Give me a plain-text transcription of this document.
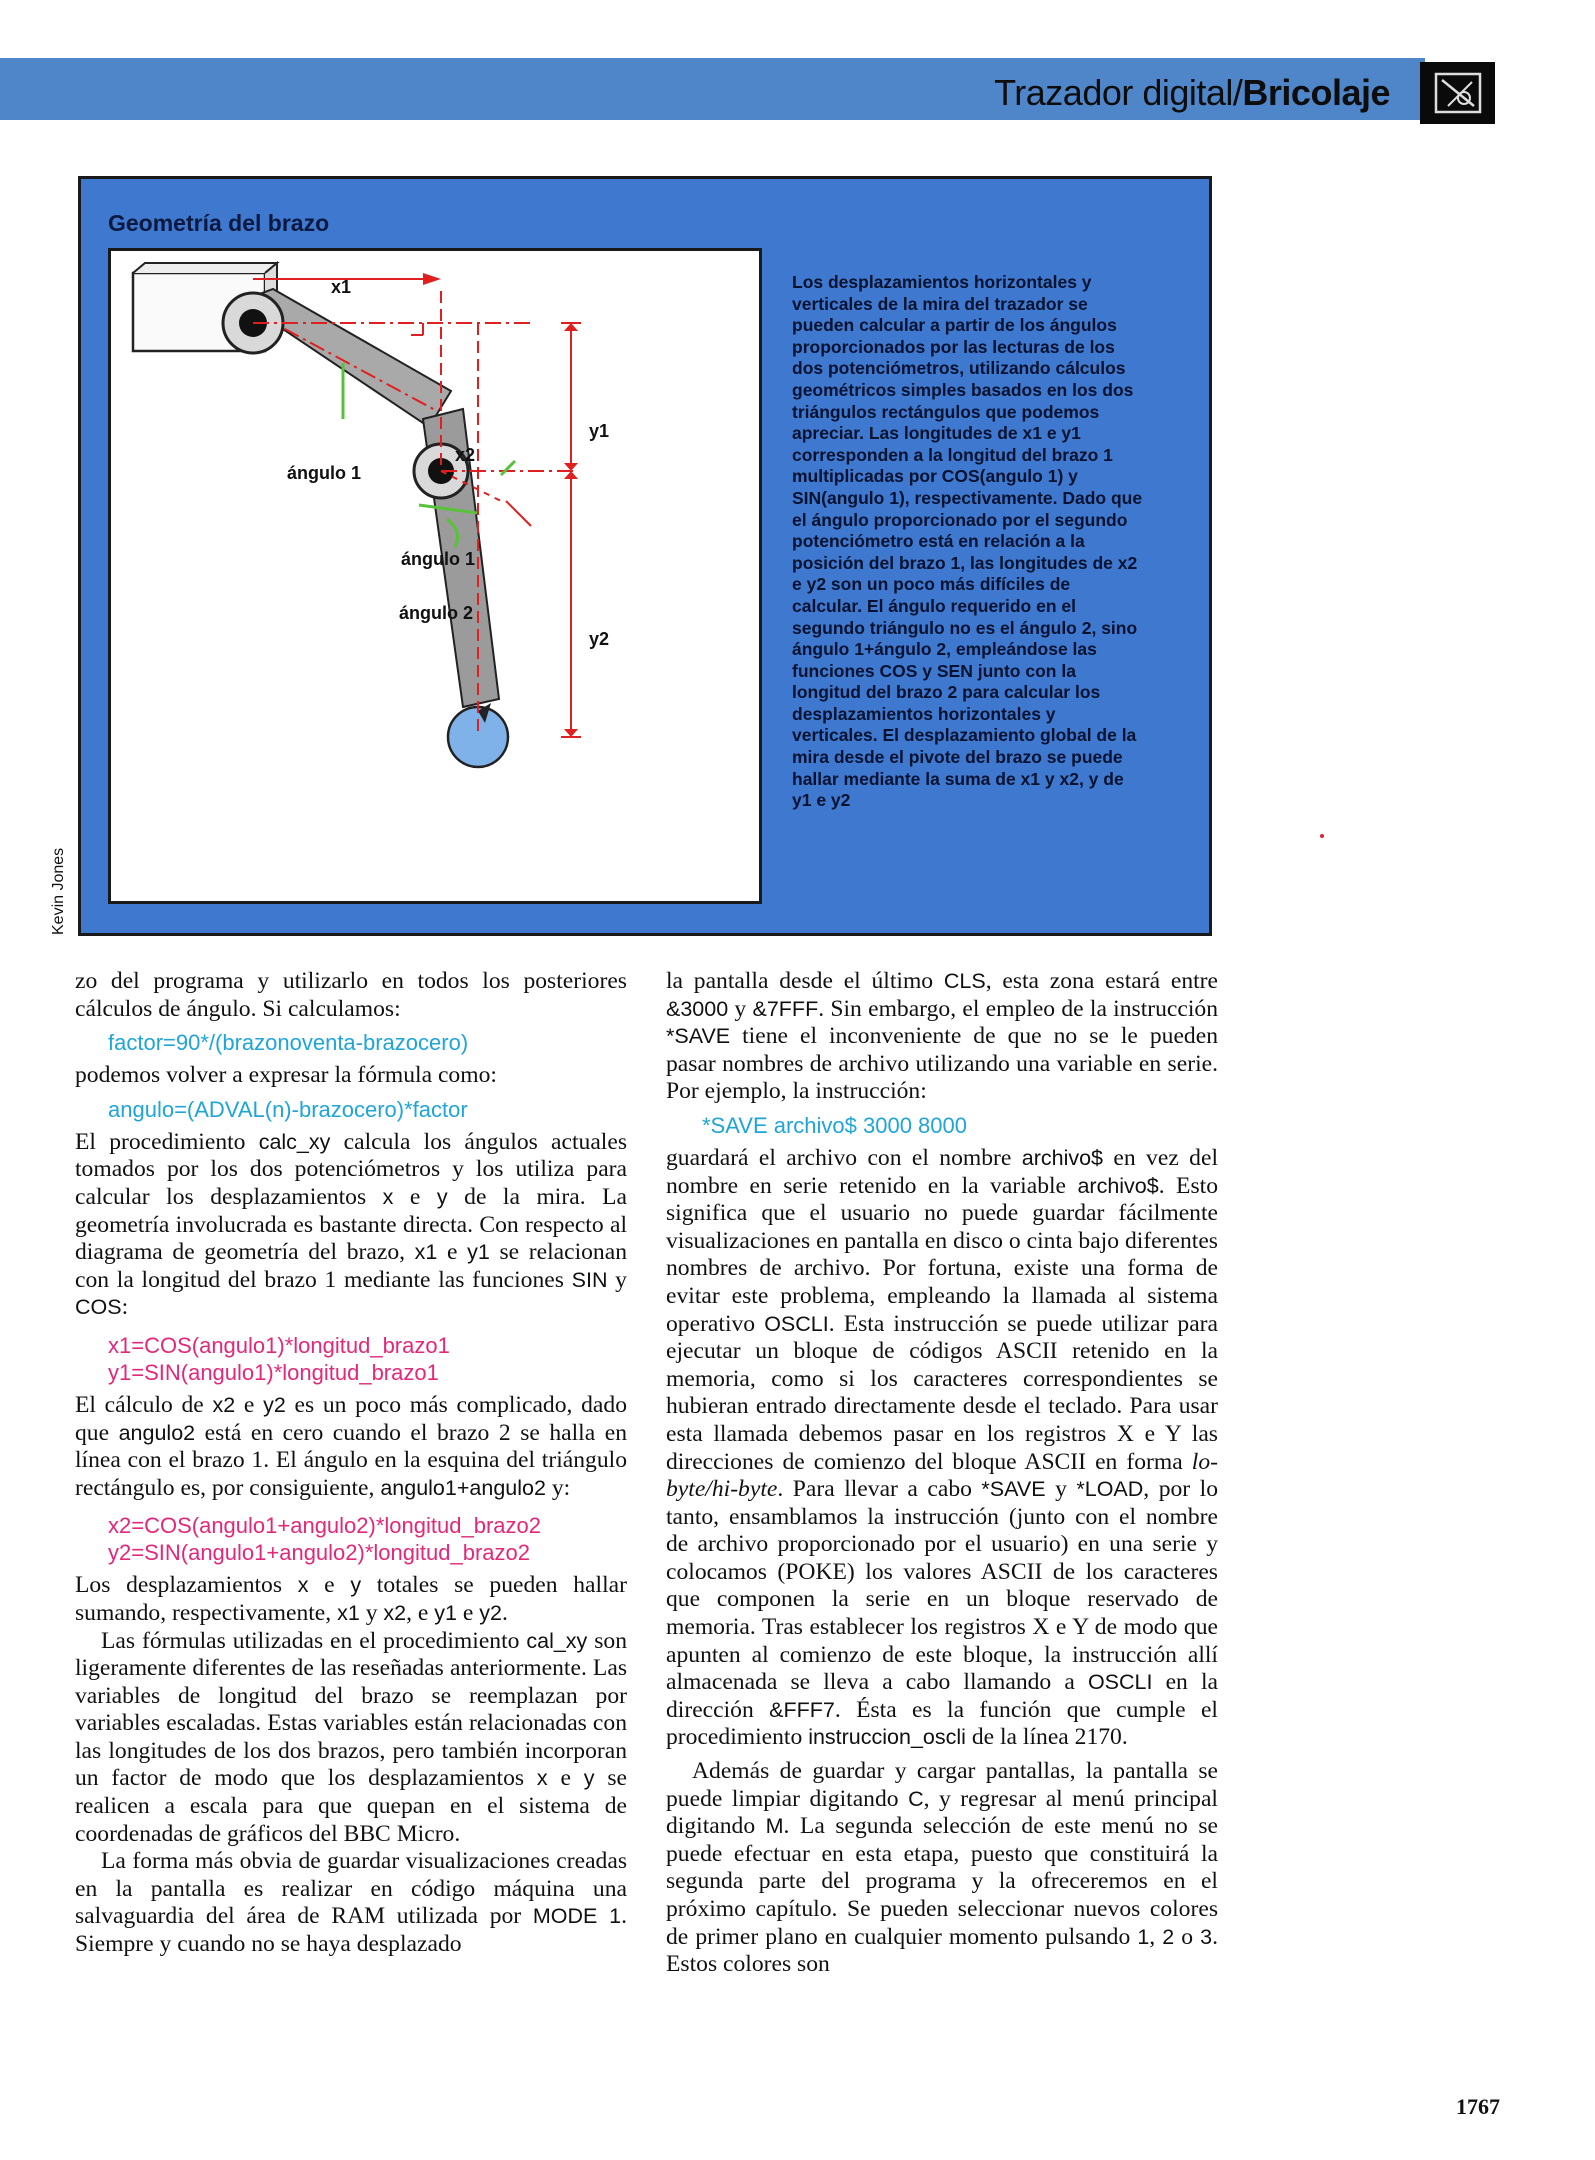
Trazador digital/Bricolaje
Geometría del brazo
x1
y1
y2
x2
ángulo 1
ángulo 1
ángulo 2
Los desplazamientos horizontales y verticales de la mira del trazador se pueden calcular a partir de los ángulos proporcionados por las lecturas de los dos potenciómetros, utilizando cálculos geométricos simples basados en los dos triángulos rectángulos que podemos apreciar. Las longitudes de x1 e y1 corresponden a la longitud del brazo 1 multiplicadas por COS(angulo 1) y SIN(angulo 1), respectivamente. Dado que el ángulo proporcionado por el segundo potenciómetro está en relación a la posición del brazo 1, las longitudes de x2 e y2 son un poco más difíciles de calcular. El ángulo requerido en el segundo triángulo no es el ángulo 2, sino ángulo 1+ángulo 2, empleándose las funciones COS y SEN junto con la longitud del brazo 2 para calcular los desplazamientos horizontales y verticales. El desplazamiento global de la mira desde el pivote del brazo se puede hallar mediante la suma de x1 y x2, y de y1 e y2
Kevin Jones

zo del programa y utilizarlo en todos los posteriores cálculos de ángulo. Si calculamos:

factor=90*/(brazonoventa-brazocero)

podemos volver a expresar la fórmula como:

angulo=(ADVAL(n)-brazocero)*factor

El procedimiento calc_xy calcula los ángulos actuales tomados por los dos potenciómetros y los utiliza para calcular los desplazamientos x e y de la mira. La geometría involucrada es bastante directa. Con respecto al diagrama de geometría del brazo, x1 e y1 se relacionan con la longitud del brazo 1 mediante las funciones SIN y COS:

x1=COS(angulo1)*longitud_brazo1
y1=SIN(angulo1)*longitud_brazo1

El cálculo de x2 e y2 es un poco más complicado, dado que angulo2 está en cero cuando el brazo 2 se halla en línea con el brazo 1. El ángulo en la esquina del triángulo rectángulo es, por consiguiente, angulo1+angulo2 y:

x2=COS(angulo1+angulo2)*longitud_brazo2
y2=SIN(angulo1+angulo2)*longitud_brazo2

Los desplazamientos x e y totales se pueden hallar sumando, respectivamente, x1 y x2, e y1 e y2.

Las fórmulas utilizadas en el procedimiento cal_xy son ligeramente diferentes de las reseñadas anteriormente. Las variables de longitud del brazo se reemplazan por variables escaladas. Estas variables están relacionadas con las longitudes de los dos brazos, pero también incorporan un factor de modo que los desplazamientos x e y se realicen a escala para que quepan en el sistema de coordenadas de gráficos del BBC Micro.

La forma más obvia de guardar visualizaciones creadas en la pantalla es realizar en código máquina una salvaguardia del área de RAM utilizada por MODE 1. Siempre y cuando no se haya desplazado

la pantalla desde el último CLS, esta zona estará entre &3000 y &7FFF. Sin embargo, el empleo de la instrucción *SAVE tiene el inconveniente de que no se le pueden pasar nombres de archivo utilizando una variable en serie. Por ejemplo, la instrucción:

*SAVE archivo$ 3000 8000

guardará el archivo con el nombre archivo$ en vez del nombre en serie retenido en la variable archivo$. Esto significa que el usuario no puede guardar fácilmente visualizaciones en pantalla en disco o cinta bajo diferentes nombres de archivo. Por fortuna, existe una forma de evitar este problema, empleando la llamada al sistema operativo OSCLI. Esta instrucción se puede utilizar para ejecutar un bloque de códigos ASCII retenido en la memoria, como si los caracteres correspondientes se hubieran entrado directamente desde el teclado. Para usar esta llamada debemos pasar en los registros X e Y las direcciones de comienzo del bloque ASCII en forma lo-byte/hi-byte. Para llevar a cabo *SAVE y *LOAD, por lo tanto, ensamblamos la instrucción (junto con el nombre de archivo proporcionado por el usuario) en una serie y colocamos (POKE) los valores ASCII de los caracteres que componen la serie en un bloque reservado de memoria. Tras establecer los registros X e Y de modo que apunten al comienzo de este bloque, la instrucción allí almacenada se lleva a cabo llamando a OSCLI en la dirección &FFF7. Ésta es la función que cumple el procedimiento instruccion_oscli de la línea 2170.

Además de guardar y cargar pantallas, la pantalla se puede limpiar digitando C, y regresar al menú principal digitando M. La segunda selección de este menú no se puede efectuar en esta etapa, puesto que constituirá la segunda parte del programa y la ofreceremos en el próximo capítulo. Se pueden seleccionar nuevos colores de primer plano en cualquier momento pulsando 1, 2 o 3. Estos colores son

1767
